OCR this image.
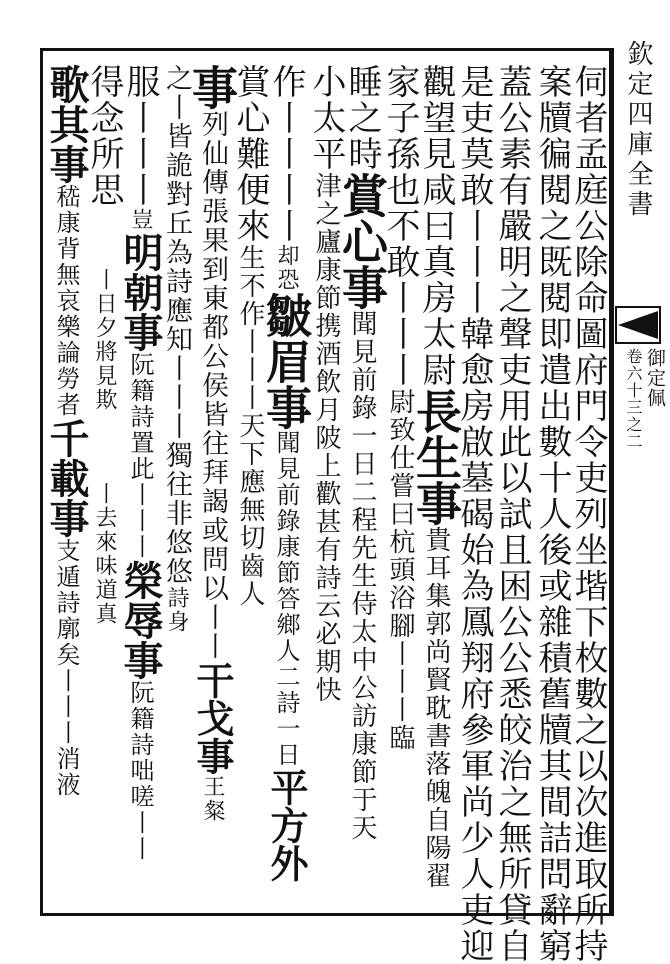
欽定四庫全書
御定佩
卷六十三之二
伺者孟庭公除命圖府門令吏列坐堦下枚數之以次進取所持
案牘徧閱之既閱即遣出數十人後或雜積舊牘其間詰問辭窮
蓋公素有嚴明之聲吏用此以試且困公公悉皎治之無所貸自
是吏莫敢丨丨丨韓愈房啟墓碣始為鳳翔府參軍尚少人吏迎
觀望見咸曰真房太尉長生事貴耳集郭尚賢耽書落魄自陽翟
家子孫也不敢丨丨丨尉致仕嘗曰杭頭浴腳丨丨丨臨
睡之時賞心事聞見前錄一日二程先生侍太中公訪康節于天
小太平津之廬康節携酒飲月陂上歡甚有詩云必期快
作丨丨丨丨却恐皺眉事聞見前錄康節答鄉人二詩一日平方外
賞心難便來生不作丨丨丨天下應無切齒人
事列仙傳張果到東都公侯皆往拜謁或問以丨丨干戈事王粲
之丨皆詭對丘為詩應知丨丨丨獨往非悠悠詩身
服丨丨丨豈明朝事阮籍詩置此丨丨丨榮辱事阮籍詩咄嗟丨丨
得念所思丨日夕將見欺丨去來味道真
歌其事嵇康背無哀樂論勞者千載事支遁詩廓矣丨丨丨消液
